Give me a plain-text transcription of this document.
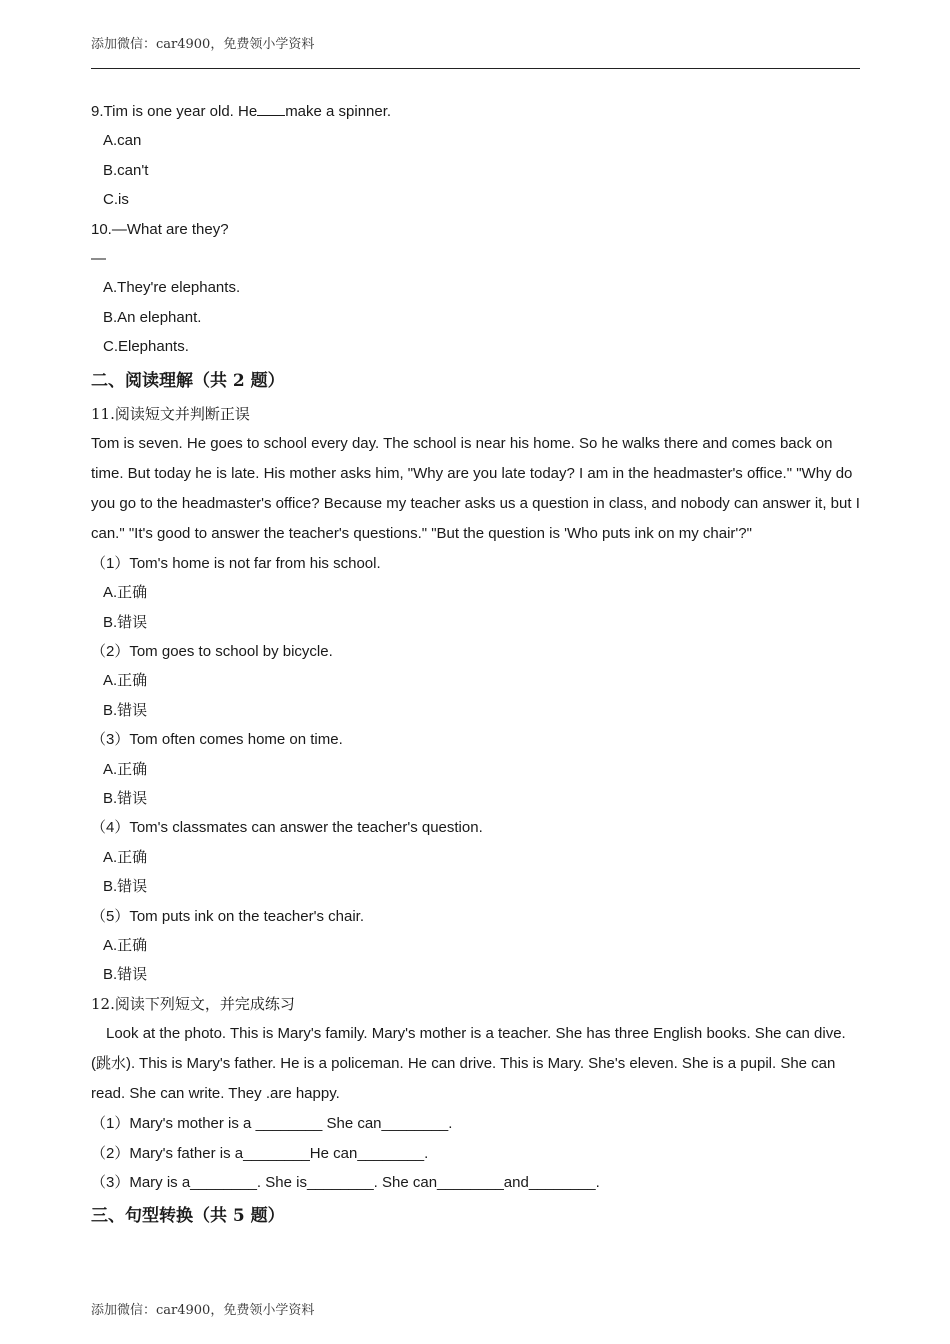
添加微信：car4900，免费领小学资料
9.Tim is one year old. He make a spinner.
A.can
B.can't
C.is
10.—What are they?
—
A.They're elephants.
B.An elephant.
C.Elephants.
二、阅读理解（共 2 题）
11.阅读短文并判断正误

Tom is seven. He goes to school every day. The school is near his home. So he walks there and comes back on time. But today he is late. His mother asks him, "Why are you late today? I am in the headmaster's office." "Why do you go to the headmaster's office? Because my teacher asks us a question in class, and nobody can answer it, but I can." "It's good to answer the teacher's questions." "But the question is 'Who puts ink on my chair'?"

（1）Tom's home is not far from his school.
A.正确
B.错误
（2）Tom goes to school by bicycle.
A.正确
B.错误
（3）Tom often comes home on time.
A.正确
B.错误
（4）Tom's classmates can answer the teacher's question.
A.正确
B.错误
（5）Tom puts ink on the teacher's chair.
A.正确
B.错误
12.阅读下列短文，并完成练习

Look at the photo. This is Mary's family. Mary's mother is a teacher. She has three English books. She can dive.(跳水). This is Mary's father. He is a policeman. He can drive. This is Mary. She's eleven. She is a pupil. She can read. She can write. They .are happy.

（1）Mary's mother is a ________ She can________.
（2）Mary's father is a________He can________.
（3）Mary is a________. She is________. She can________and________.
三、句型转换（共 5 题）
添加微信：car4900，免费领小学资料
